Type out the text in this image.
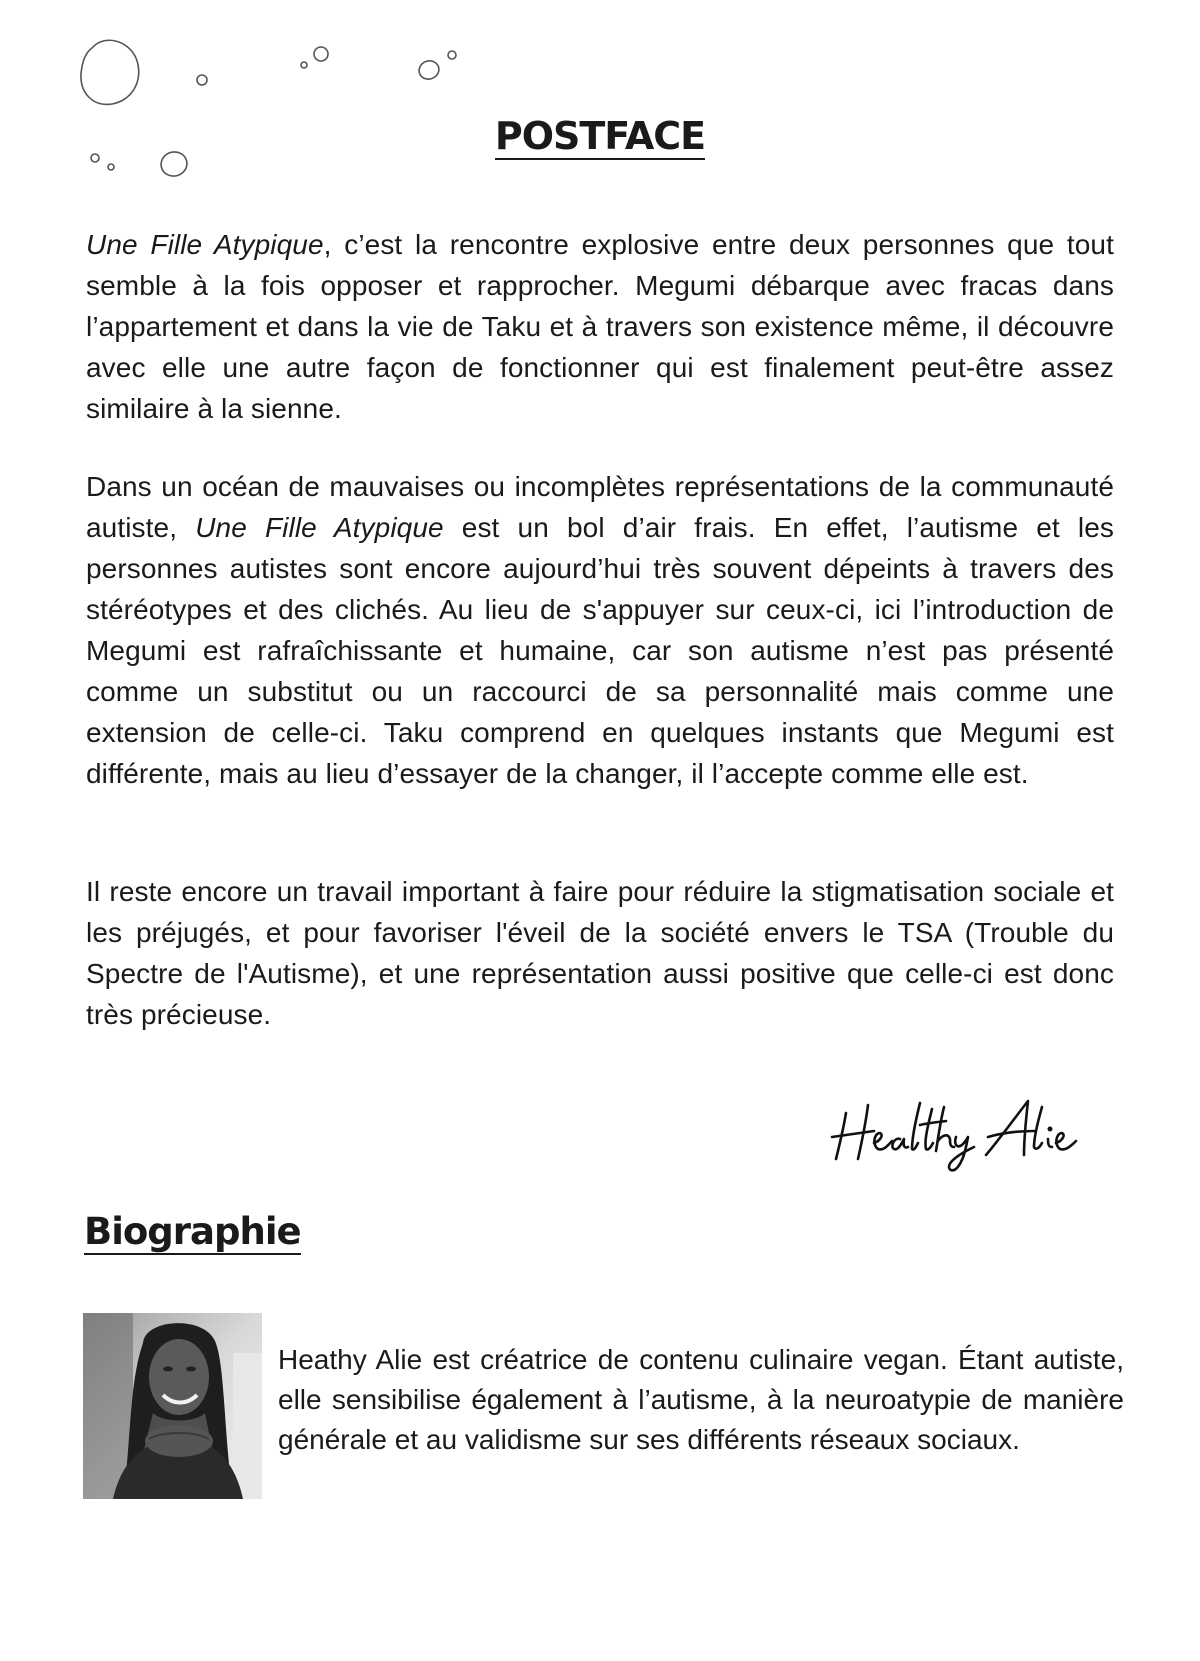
POSTFACE

Une Fille Atypique, c’est la rencontre explosive entre deux personnes que tout semble à la fois opposer et rapprocher. Megumi débarque avec fracas dans l’appartement et dans la vie de Taku et à travers son existence même, il découvre avec elle une autre façon de fonctionner qui est finalement peut-être assez similaire à la sienne.

Dans un océan de mauvaises ou incomplètes représentations de la communauté autiste, Une Fille Atypique est un bol d’air frais. En effet, l’autisme et les personnes autistes sont encore aujourd’hui très souvent dépeints à travers des stéréotypes et des clichés. Au lieu de s'appuyer sur ceux-ci, ici l’introduction de Megumi est rafraîchissante et humaine, car son autisme n’est pas présenté comme un substitut ou un raccourci de sa personnalité mais comme une extension de celle-ci. Taku comprend en quelques instants que Megumi est différente, mais au lieu d’essayer de la changer, il l’accepte comme elle est.

Il reste encore un travail important à faire pour réduire la stigmatisation sociale et les préjugés, et pour favoriser l'éveil de la société envers le TSA (Trouble du Spectre de l'Autisme), et une représentation aussi positive que celle-ci est donc très précieuse.

Biographie

Heathy Alie est créatrice de contenu culinaire vegan. Étant autiste, elle sensibilise également à l’autisme, à la neuroatypie de manière générale et au validisme sur ses différents réseaux sociaux.
